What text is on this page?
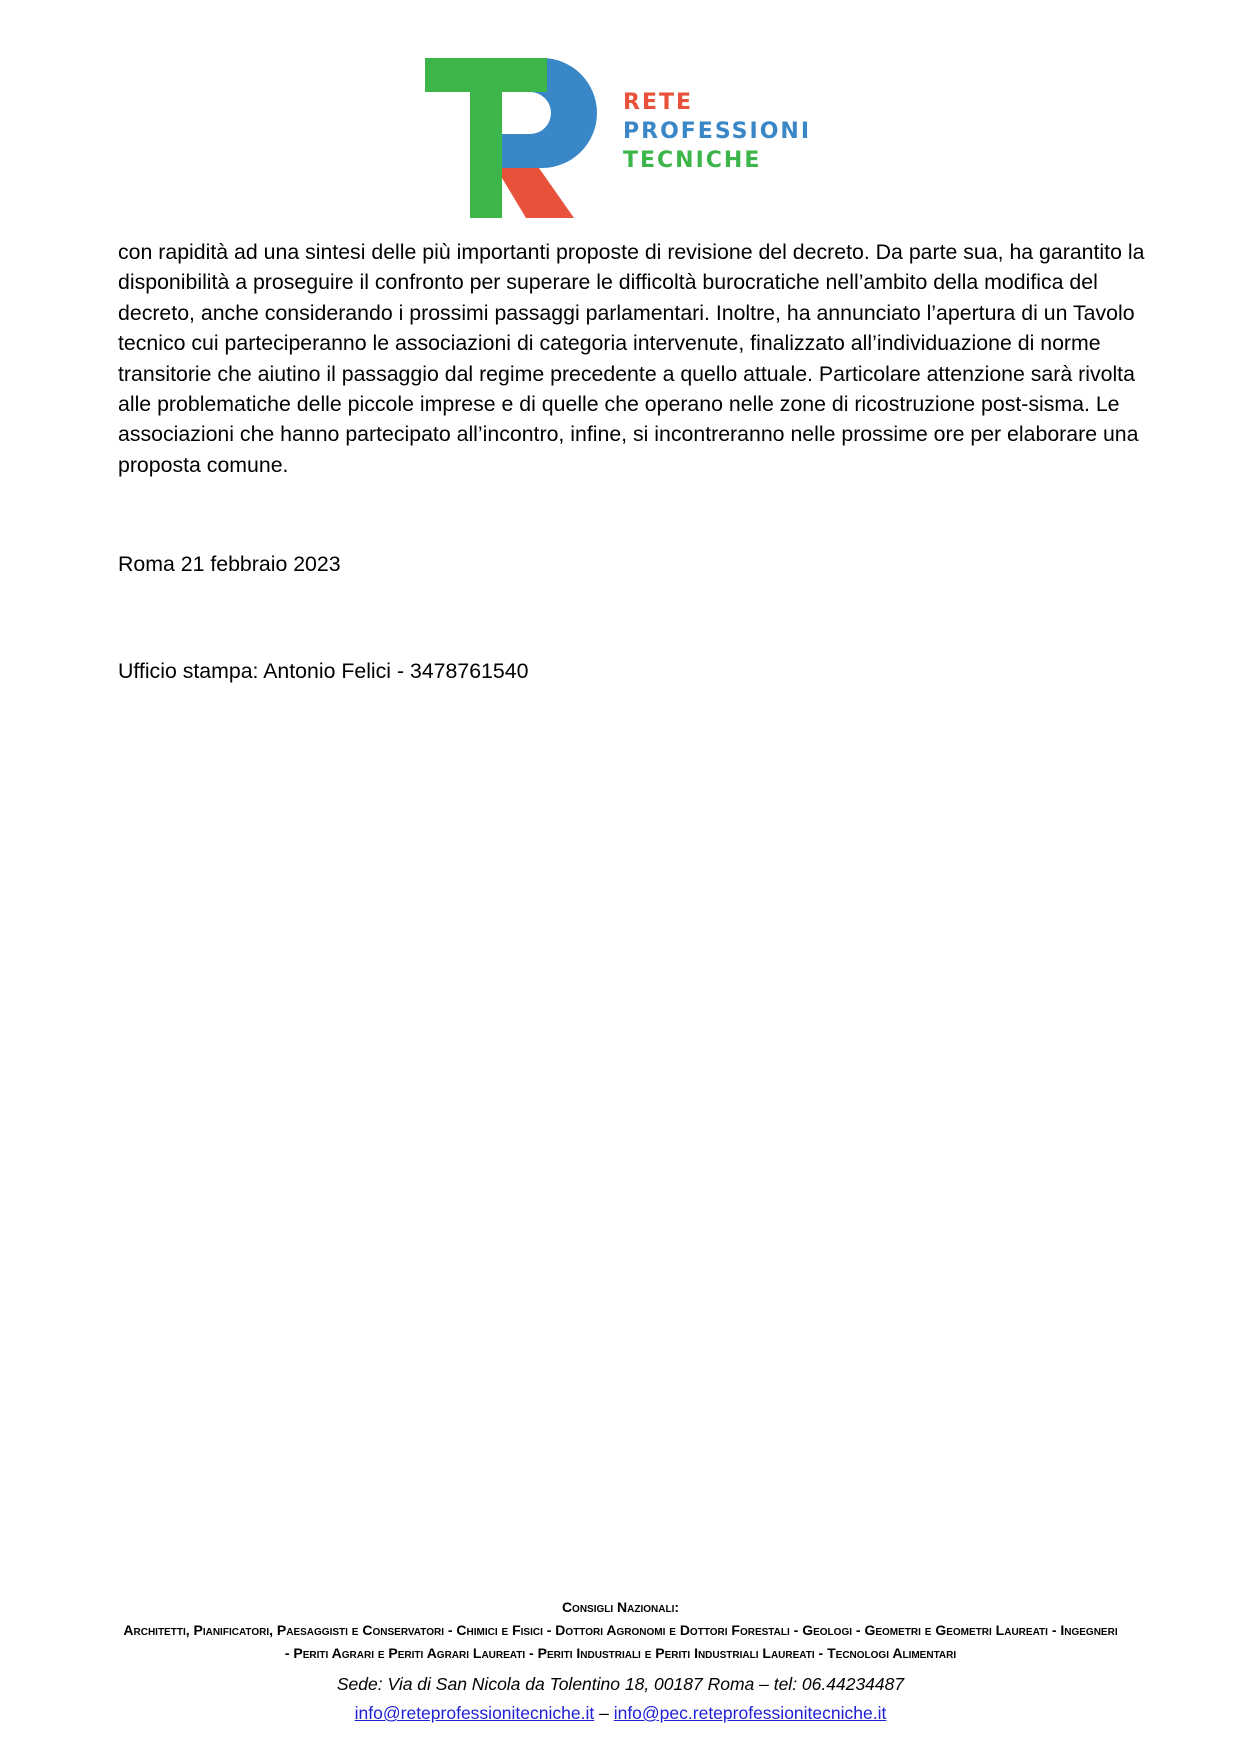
RETE
PROFESSIONI
TECNICHE

con rapidità ad una sintesi delle più importanti proposte di revisione del decreto. Da parte sua, ha garantito la disponibilità a proseguire il confronto per superare le difficoltà burocratiche nell’ambito della modifica del decreto, anche considerando i prossimi passaggi parlamentari. Inoltre, ha annunciato l’apertura di un Tavolo tecnico cui parteciperanno le associazioni di categoria intervenute, finalizzato all’individuazione di norme transitorie che aiutino il passaggio dal regime precedente a quello attuale. Particolare attenzione sarà rivolta alle problematiche delle piccole imprese e di quelle che operano nelle zone di ricostruzione post-sisma. Le associazioni che hanno partecipato all’incontro, infine, si incontreranno nelle prossime ore per elaborare una proposta comune.

Roma 21 febbraio 2023
Ufficio stampa: Antonio Felici - 3478761540
Consigli Nazionali:
Architetti, Pianificatori, Paesaggisti e Conservatori - Chimici e Fisici - Dottori Agronomi e Dottori Forestali - Geologi - Geometri e Geometri Laureati - Ingegneri - Periti Agrari e Periti Agrari Laureati - Periti Industriali e Periti Industriali Laureati - Tecnologi Alimentari
Sede: Via di San Nicola da Tolentino 18, 00187 Roma – tel: 06.44234487
info@reteprofessionitecniche.it – info@pec.reteprofessionitecniche.it
